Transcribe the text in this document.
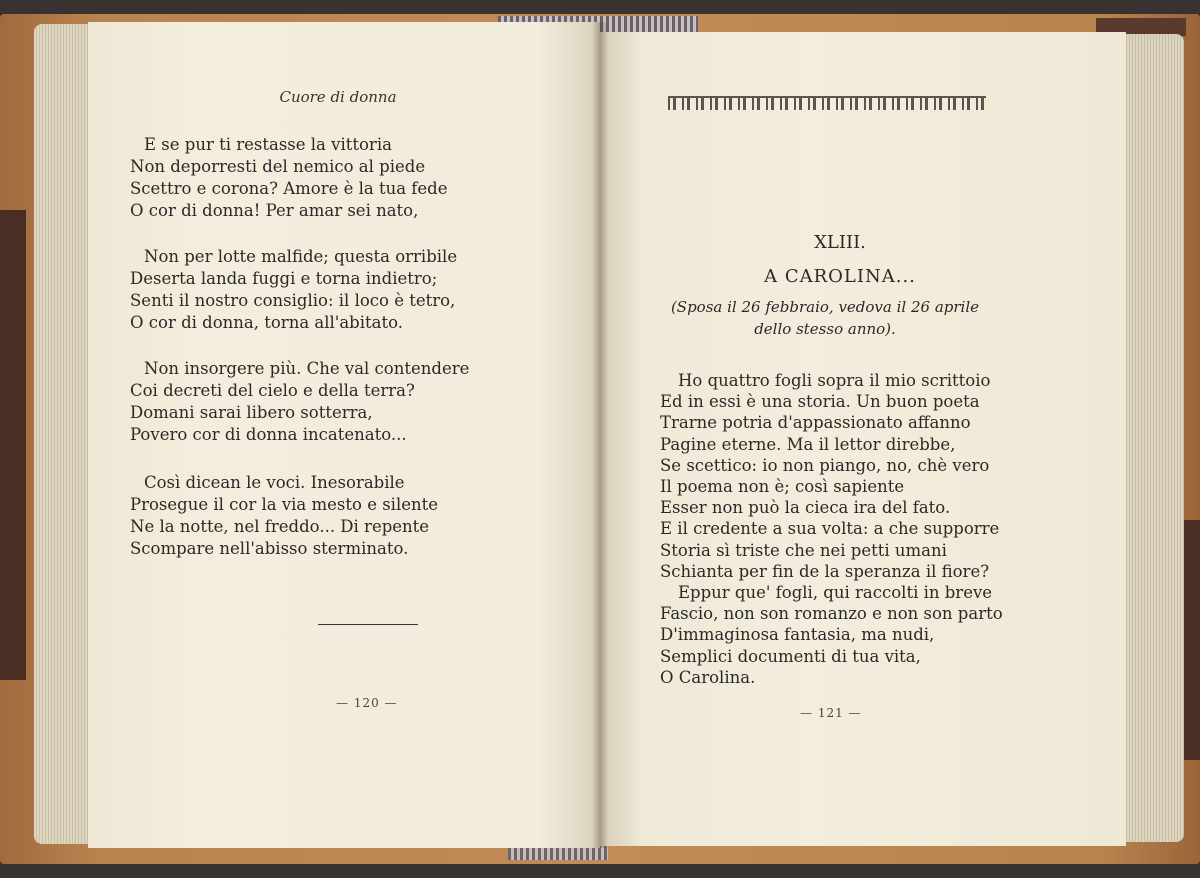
Cuore di donna
E se pur ti restasse la vittoria
Non deporresti del nemico al piede
Scettro e corona? Amore è la tua fede
O cor di donna! Per amar sei nato,
Non per lotte malfide; questa orribile
Deserta landa fuggi e torna indietro;
Senti il nostro consiglio: il loco è tetro,
O cor di donna, torna all'abitato.
Non insorgere più. Che val contendere
Coi decreti del cielo e della terra?
Domani sarai libero sotterra,
Povero cor di donna incatenato...
Così dicean le voci. Inesorabile
Prosegue il cor la via mesto e silente
Ne la notte, nel freddo... Di repente
Scompare nell'abisso sterminato.
— 120 —
XLIII.
A CAROLINA...
(Sposa il 26 febbraio, vedova il 26 aprile
dello stesso anno).
Ho quattro fogli sopra il mio scrittoio
Ed in essi è una storia. Un buon poeta
Trarne potria d'appassionato affanno
Pagine eterne. Ma il lettor direbbe,
Se scettico: io non piango, no, chè vero
Il poema non è; così sapiente
Esser non può la cieca ira del fato.
E il credente a sua volta: a che supporre
Storia sì triste che nei petti umani
Schianta per fin de la speranza il fiore?
Eppur que' fogli, qui raccolti in breve
Fascio, non son romanzo e non son parto
D'immaginosa fantasia, ma nudi,
Semplici documenti di tua vita,
O Carolina.
— 121 —
